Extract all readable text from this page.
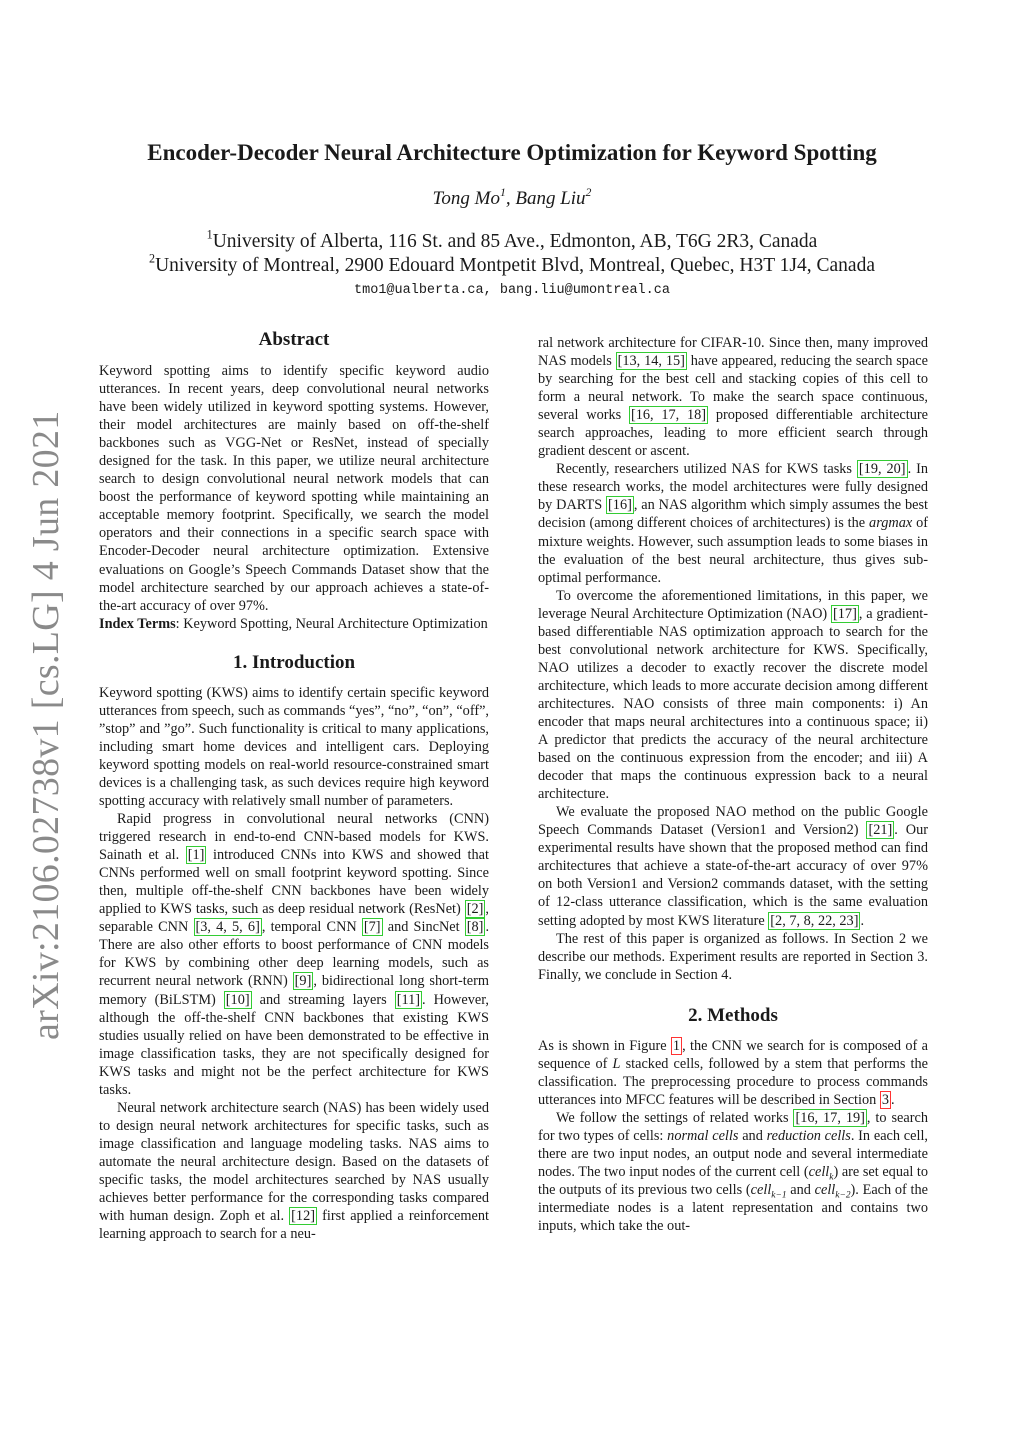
arXiv:2106.02738v1 [cs.LG] 4 Jun 2021
Encoder-Decoder Neural Architecture Optimization for Keyword Spotting
Tong Mo$^1$, Bang Liu$^2$
$^1$University of Alberta, 116 St. and 85 Ave., Edmonton, AB, T6G 2R3, Canada
$^2$University of Montreal, 2900 Edouard Montpetit Blvd, Montreal, Quebec, H3T 1J4, Canada
tmo1@ualberta.ca, bang.liu@umontreal.ca
Abstract

Keyword spotting aims to identify specific keyword audio utterances. In recent years, deep convolutional neural networks have been widely utilized in keyword spotting systems. However, their model architectures are mainly based on off-the-shelf backbones such as VGG-Net or ResNet, instead of specially designed for the task. In this paper, we utilize neural architecture search to design convolutional neural network models that can boost the performance of keyword spotting while maintaining an acceptable memory footprint. Specifically, we search the model operators and their connections in a specific search space with Encoder-Decoder neural architecture optimization. Extensive evaluations on Google’s Speech Commands Dataset show that the model architecture searched by our approach achieves a state-of-the-art accuracy of over 97%.

Index Terms: Keyword Spotting, Neural Architecture Optimization

1. Introduction

Keyword spotting (KWS) aims to identify certain specific keyword utterances from speech, such as commands “yes”, “no”, “on”, “off”, ”stop” and ”go”. Such functionality is critical to many applications, including smart home devices and intelligent cars. Deploying keyword spotting models on real-world resource-constrained smart devices is a challenging task, as such devices require high keyword spotting accuracy with relatively small number of parameters.

Rapid progress in convolutional neural networks (CNN) triggered research in end-to-end CNN-based models for KWS. Sainath et al. [1] introduced CNNs into KWS and showed that CNNs performed well on small footprint keyword spotting. Since then, multiple off-the-shelf CNN backbones have been widely applied to KWS tasks, such as deep residual network (ResNet) [2] , separable CNN [3, 4, 5, 6] , temporal CNN [7] and SincNet [8] . There are also other efforts to boost performance of CNN models for KWS by combining other deep learning models, such as recurrent neural network (RNN) [9] , bidirectional long short-term memory (BiLSTM) [10] and streaming layers [11] . However, although the off-the-shelf CNN backbones that existing KWS studies usually relied on have been demonstrated to be effective in image classification tasks, they are not specifically designed for KWS tasks and might not be the perfect architecture for KWS tasks.

Neural network architecture search (NAS) has been widely used to design neural network architectures for specific tasks, such as image classification and language modeling tasks. NAS aims to automate the neural architecture design. Based on the datasets of specific tasks, the model architectures searched by NAS usually achieves better performance for the corresponding tasks compared with human design. Zoph et al. [12] first applied a reinforcement learning approach to search for a neu-

ral network architecture for CIFAR-10. Since then, many improved NAS models [13, 14, 15] have appeared, reducing the search space by searching for the best cell and stacking copies of this cell to form a neural network. To make the search space continuous, several works [16, 17, 18] proposed differentiable architecture search approaches, leading to more efficient search through gradient descent or ascent.

Recently, researchers utilized NAS for KWS tasks [19, 20] . In these research works, the model architectures were fully designed by DARTS [16] , an NAS algorithm which simply assumes the best decision (among different choices of architectures) is the argmax of mixture weights. However, such assumption leads to some biases in the evaluation of the best neural architecture, thus gives sub-optimal performance.

To overcome the aforementioned limitations, in this paper, we leverage Neural Architecture Optimization (NAO) [17] , a gradient-based differentiable NAS optimization approach to search for the best convolutional network architecture for KWS. Specifically, NAO utilizes a decoder to exactly recover the discrete model architecture, which leads to more accurate decision among different architectures. NAO consists of three main components: i) An encoder that maps neural architectures into a continuous space; ii) A predictor that predicts the accuracy of the neural architecture based on the continuous expression from the encoder; and iii) A decoder that maps the continuous expression back to a neural architecture.

We evaluate the proposed NAO method on the public Google Speech Commands Dataset (Version1 and Version2) [21] . Our experimental results have shown that the proposed method can find architectures that achieve a state-of-the-art accuracy of over 97% on both Version1 and Version2 commands dataset, with the setting of 12-class utterance classification, which is the same evaluation setting adopted by most KWS literature [2, 7, 8, 22, 23] .

The rest of this paper is organized as follows. In Section 2 we describe our methods. Experiment results are reported in Section 3. Finally, we conclude in Section 4.

2. Methods

As is shown in Figure 1 , the CNN we search for is composed of a sequence of L stacked cells, followed by a stem that performs the classification. The preprocessing procedure to process commands utterances into MFCC features will be described in Section 3 .

We follow the settings of related works [16, 17, 19] , to search for two types of cells: normal cells and reduction cells. In each cell, there are two input nodes, an output node and several intermediate nodes. The two input nodes of the current cell (cell$_k$) are set equal to the outputs of its previous two cells (cell$_{k-1}$ and cell$_{k-2}$). Each of the intermediate nodes is a latent representation and contains two inputs, which take the out-
